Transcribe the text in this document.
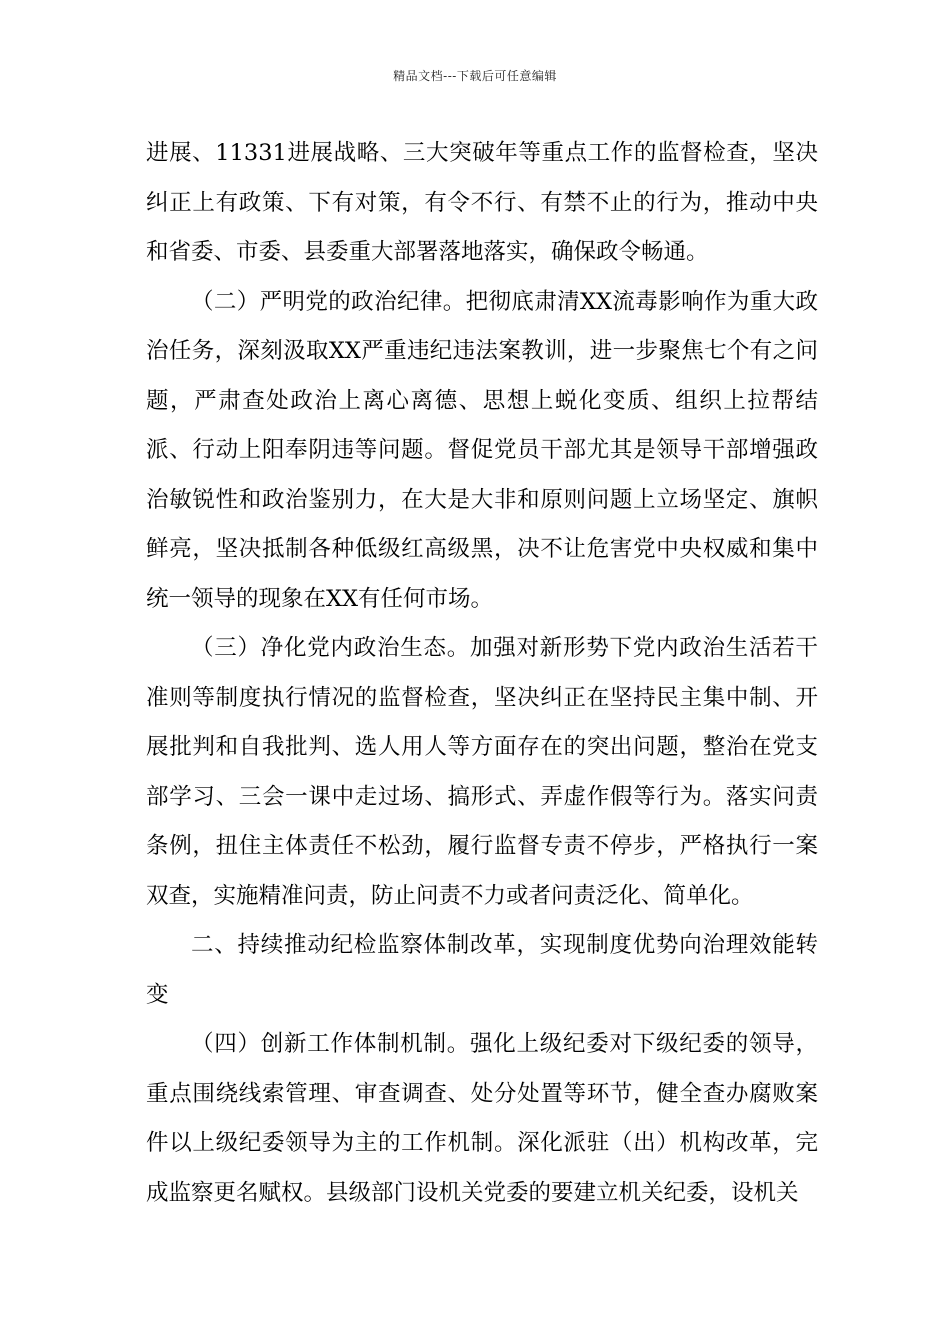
精品文档---下载后可任意编辑

进展、11331进展战略、三大突破年等重点工作的监督检查，坚决纠正上有政策、下有对策，有令不行、有禁不止的行为，推动中央和省委、市委、县委重大部署落地落实，确保政令畅通。

（二）严明党的政治纪律。把彻底肃清XX流毒影响作为重大政治任务，深刻汲取XX严重违纪违法案教训，进一步聚焦七个有之问题，严肃查处政治上离心离德、思想上蜕化变质、组织上拉帮结派、行动上阳奉阴违等问题。督促党员干部尤其是领导干部增强政治敏锐性和政治鉴别力，在大是大非和原则问题上立场坚定、旗帜鲜亮，坚决抵制各种低级红高级黑，决不让危害党中央权威和集中统一领导的现象在XX有任何市场。

（三）净化党内政治生态。加强对新形势下党内政治生活若干准则等制度执行情况的监督检查，坚决纠正在坚持民主集中制、开展批判和自我批判、选人用人等方面存在的突出问题，整治在党支部学习、三会一课中走过场、搞形式、弄虚作假等行为。落实问责条例，扭住主体责任不松劲，履行监督专责不停步，严格执行一案双查，实施精准问责，防止问责不力或者问责泛化、简单化。

二、持续推动纪检监察体制改革，实现制度优势向治理效能转变

（四）创新工作体制机制。强化上级纪委对下级纪委的领导，重点围绕线索管理、审查调查、处分处置等环节，健全查办腐败案件以上级纪委领导为主的工作机制。深化派驻（出）机构改革，完成监察更名赋权。县级部门设机关党委的要建立机关纪委，设机关
